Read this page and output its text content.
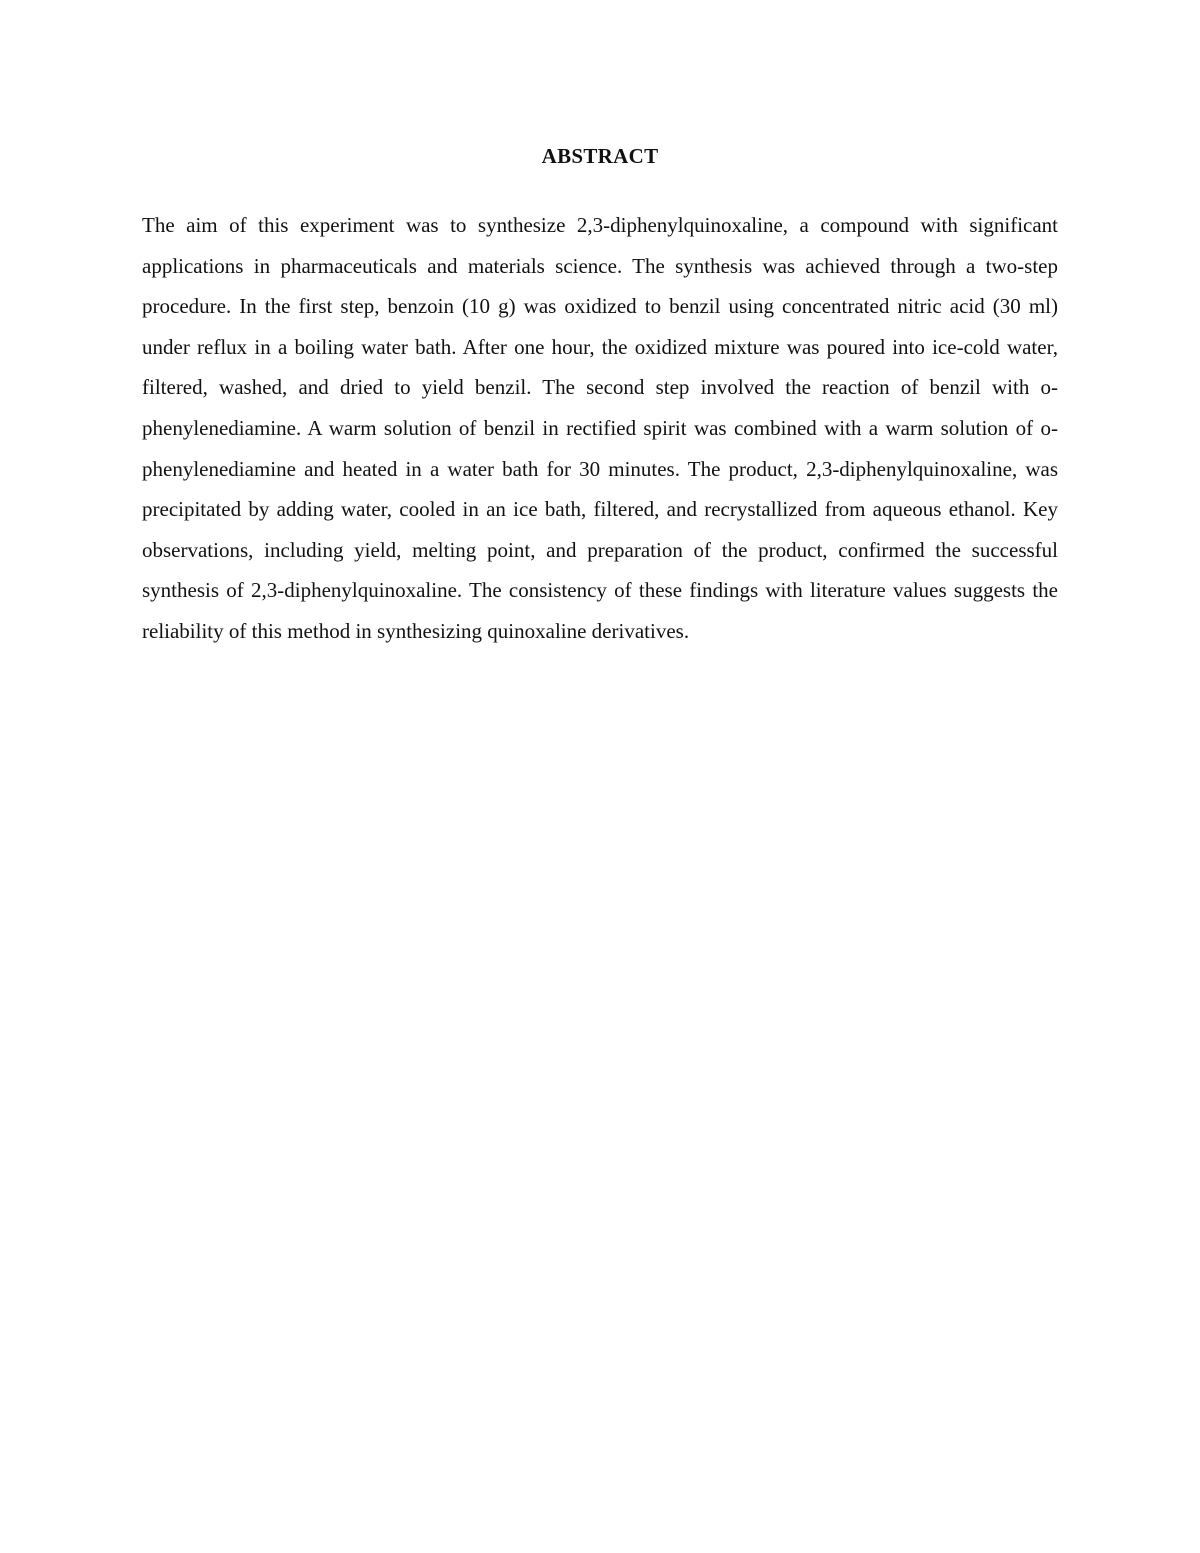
ABSTRACT

The aim of this experiment was to synthesize 2,3-diphenylquinoxaline, a compound with significant applications in pharmaceuticals and materials science. The synthesis was achieved through a two-step procedure. In the first step, benzoin (10 g) was oxidized to benzil using concentrated nitric acid (30 ml) under reflux in a boiling water bath. After one hour, the oxidized mixture was poured into ice-cold water, filtered, washed, and dried to yield benzil. The second step involved the reaction of benzil with o-phenylenediamine. A warm solution of benzil in rectified spirit was combined with a warm solution of o-phenylenediamine and heated in a water bath for 30 minutes. The product, 2,3-diphenylquinoxaline, was precipitated by adding water, cooled in an ice bath, filtered, and recrystallized from aqueous ethanol. Key observations, including yield, melting point, and preparation of the product, confirmed the successful synthesis of 2,3-diphenylquinoxaline. The consistency of these findings with literature values suggests the reliability of this method in synthesizing quinoxaline derivatives.
